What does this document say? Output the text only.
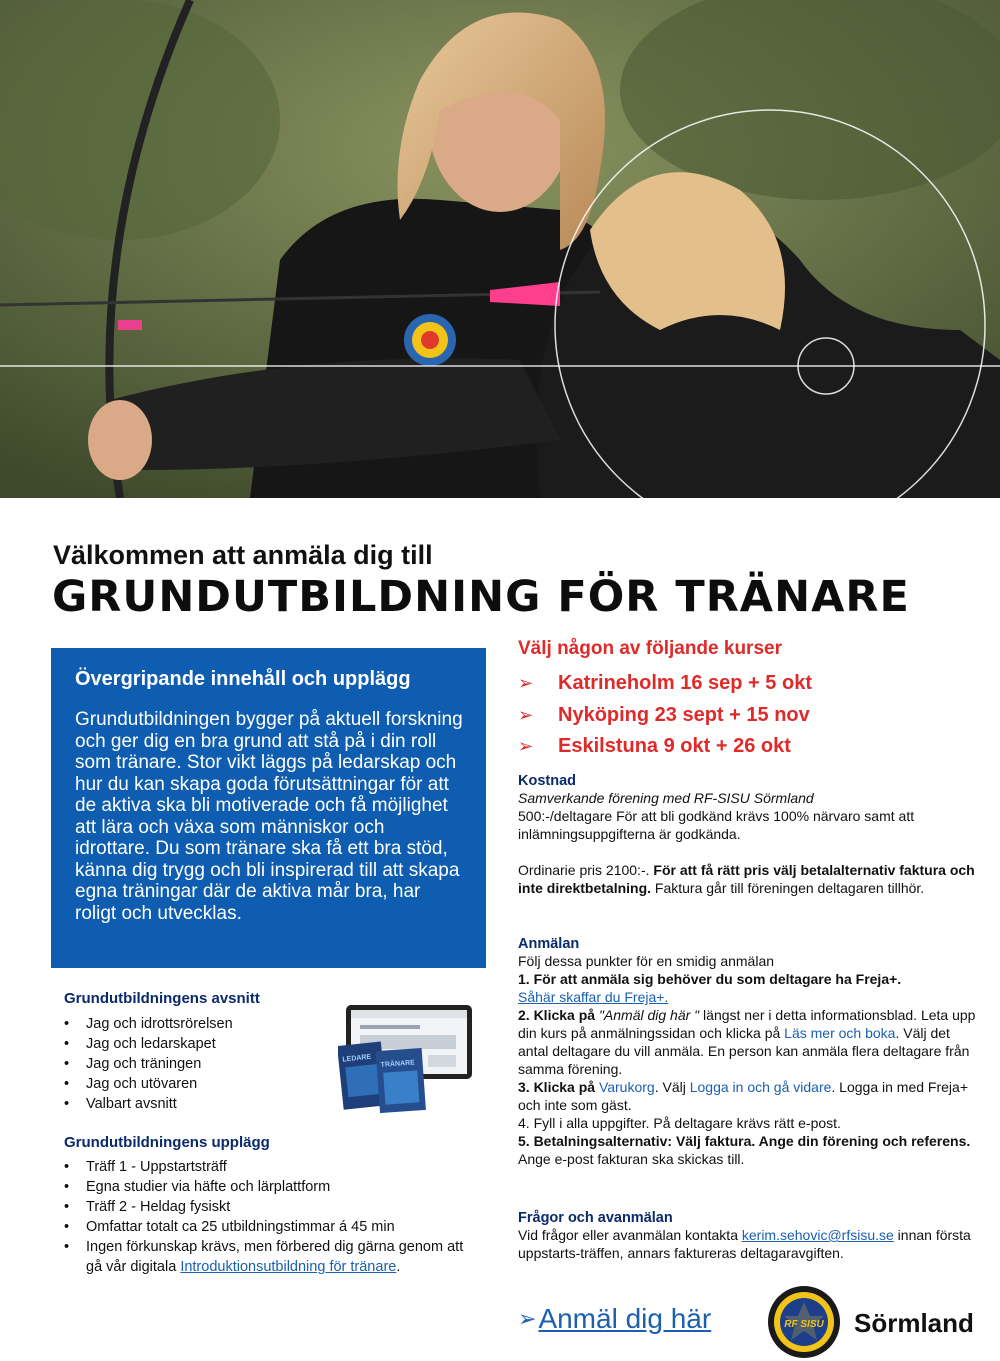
Välkommen att anmäla dig till
GRUNDUTBILDNING FÖR TRÄNARE
Övergripande innehåll och upplägg

Grundutbildningen bygger på aktuell forskning och ger dig en bra grund att stå på i din roll som tränare. Stor vikt läggs på ledarskap och hur du kan skapa goda förutsättningar för att de aktiva ska bli motiverade och få möjlighet att lära och växa som människor och idrottare. Du som tränare ska få ett bra stöd, känna dig trygg och bli inspirerad till att skapa egna träningar där de aktiva mår bra, har roligt och utvecklas.

Grundutbildningens avsnitt
• Jag och idrottsrörelsen
• Jag och ledarskapet
• Jag och träningen
• Jag och utövaren
• Valbart avsnitt
LEDARE
TRÄNARE
Grundutbildningens upplägg
• Träff 1 - Uppstartsträff
• Egna studier via häfte och lärplattform
• Träff 2 - Heldag fysiskt
• Omfattar totalt ca 25 utbildningstimmar á 45 min
• Ingen förkunskap krävs, men förbered dig gärna genom att gå vår digitala Introduktionsutbildning för tränare.
Välj någon av följande kurser
➢	Katrineholm 16 sep + 5 okt
➢	Nyköping 23 sept + 15 nov
➢	Eskilstuna 9 okt + 26 okt
Kostnad
Samverkande förening med RF-SISU Sörmland
500:-/deltagare För att bli godkänd krävs 100% närvaro samt att inlämningsuppgifterna är godkända.
Ordinarie pris 2100:-. För att få rätt pris välj betalalternativ faktura och inte direktbetalning. Faktura går till föreningen deltagaren tillhör.
Anmälan
Följ dessa punkter för en smidig anmälan
1. För att anmäla sig behöver du som deltagare ha Freja+.
Såhär skaffar du Freja+.
2. Klicka på "Anmäl dig här " längst ner i detta informationsblad. Leta upp din kurs på anmälningssidan och klicka på Läs mer och boka. Välj det antal deltagare du vill anmäla. En person kan anmäla flera deltagare från samma förening.
3. Klicka på Varukorg. Välj Logga in och gå vidare. Logga in med Freja+ och inte som gäst.
4. Fyll i alla uppgifter. På deltagare krävs rätt e-post.
5. Betalningsalternativ: Välj faktura. Ange din förening och referens. Ange e-post fakturan ska skickas till.
Frågor och avanmälan
Vid frågor eller avanmälan kontakta kerim.sehovic@rfsisu.se innan första uppstarts-träffen, annars faktureras deltagaravgiften.
➢ Anmäl dig här	RF SISU Sörmland
